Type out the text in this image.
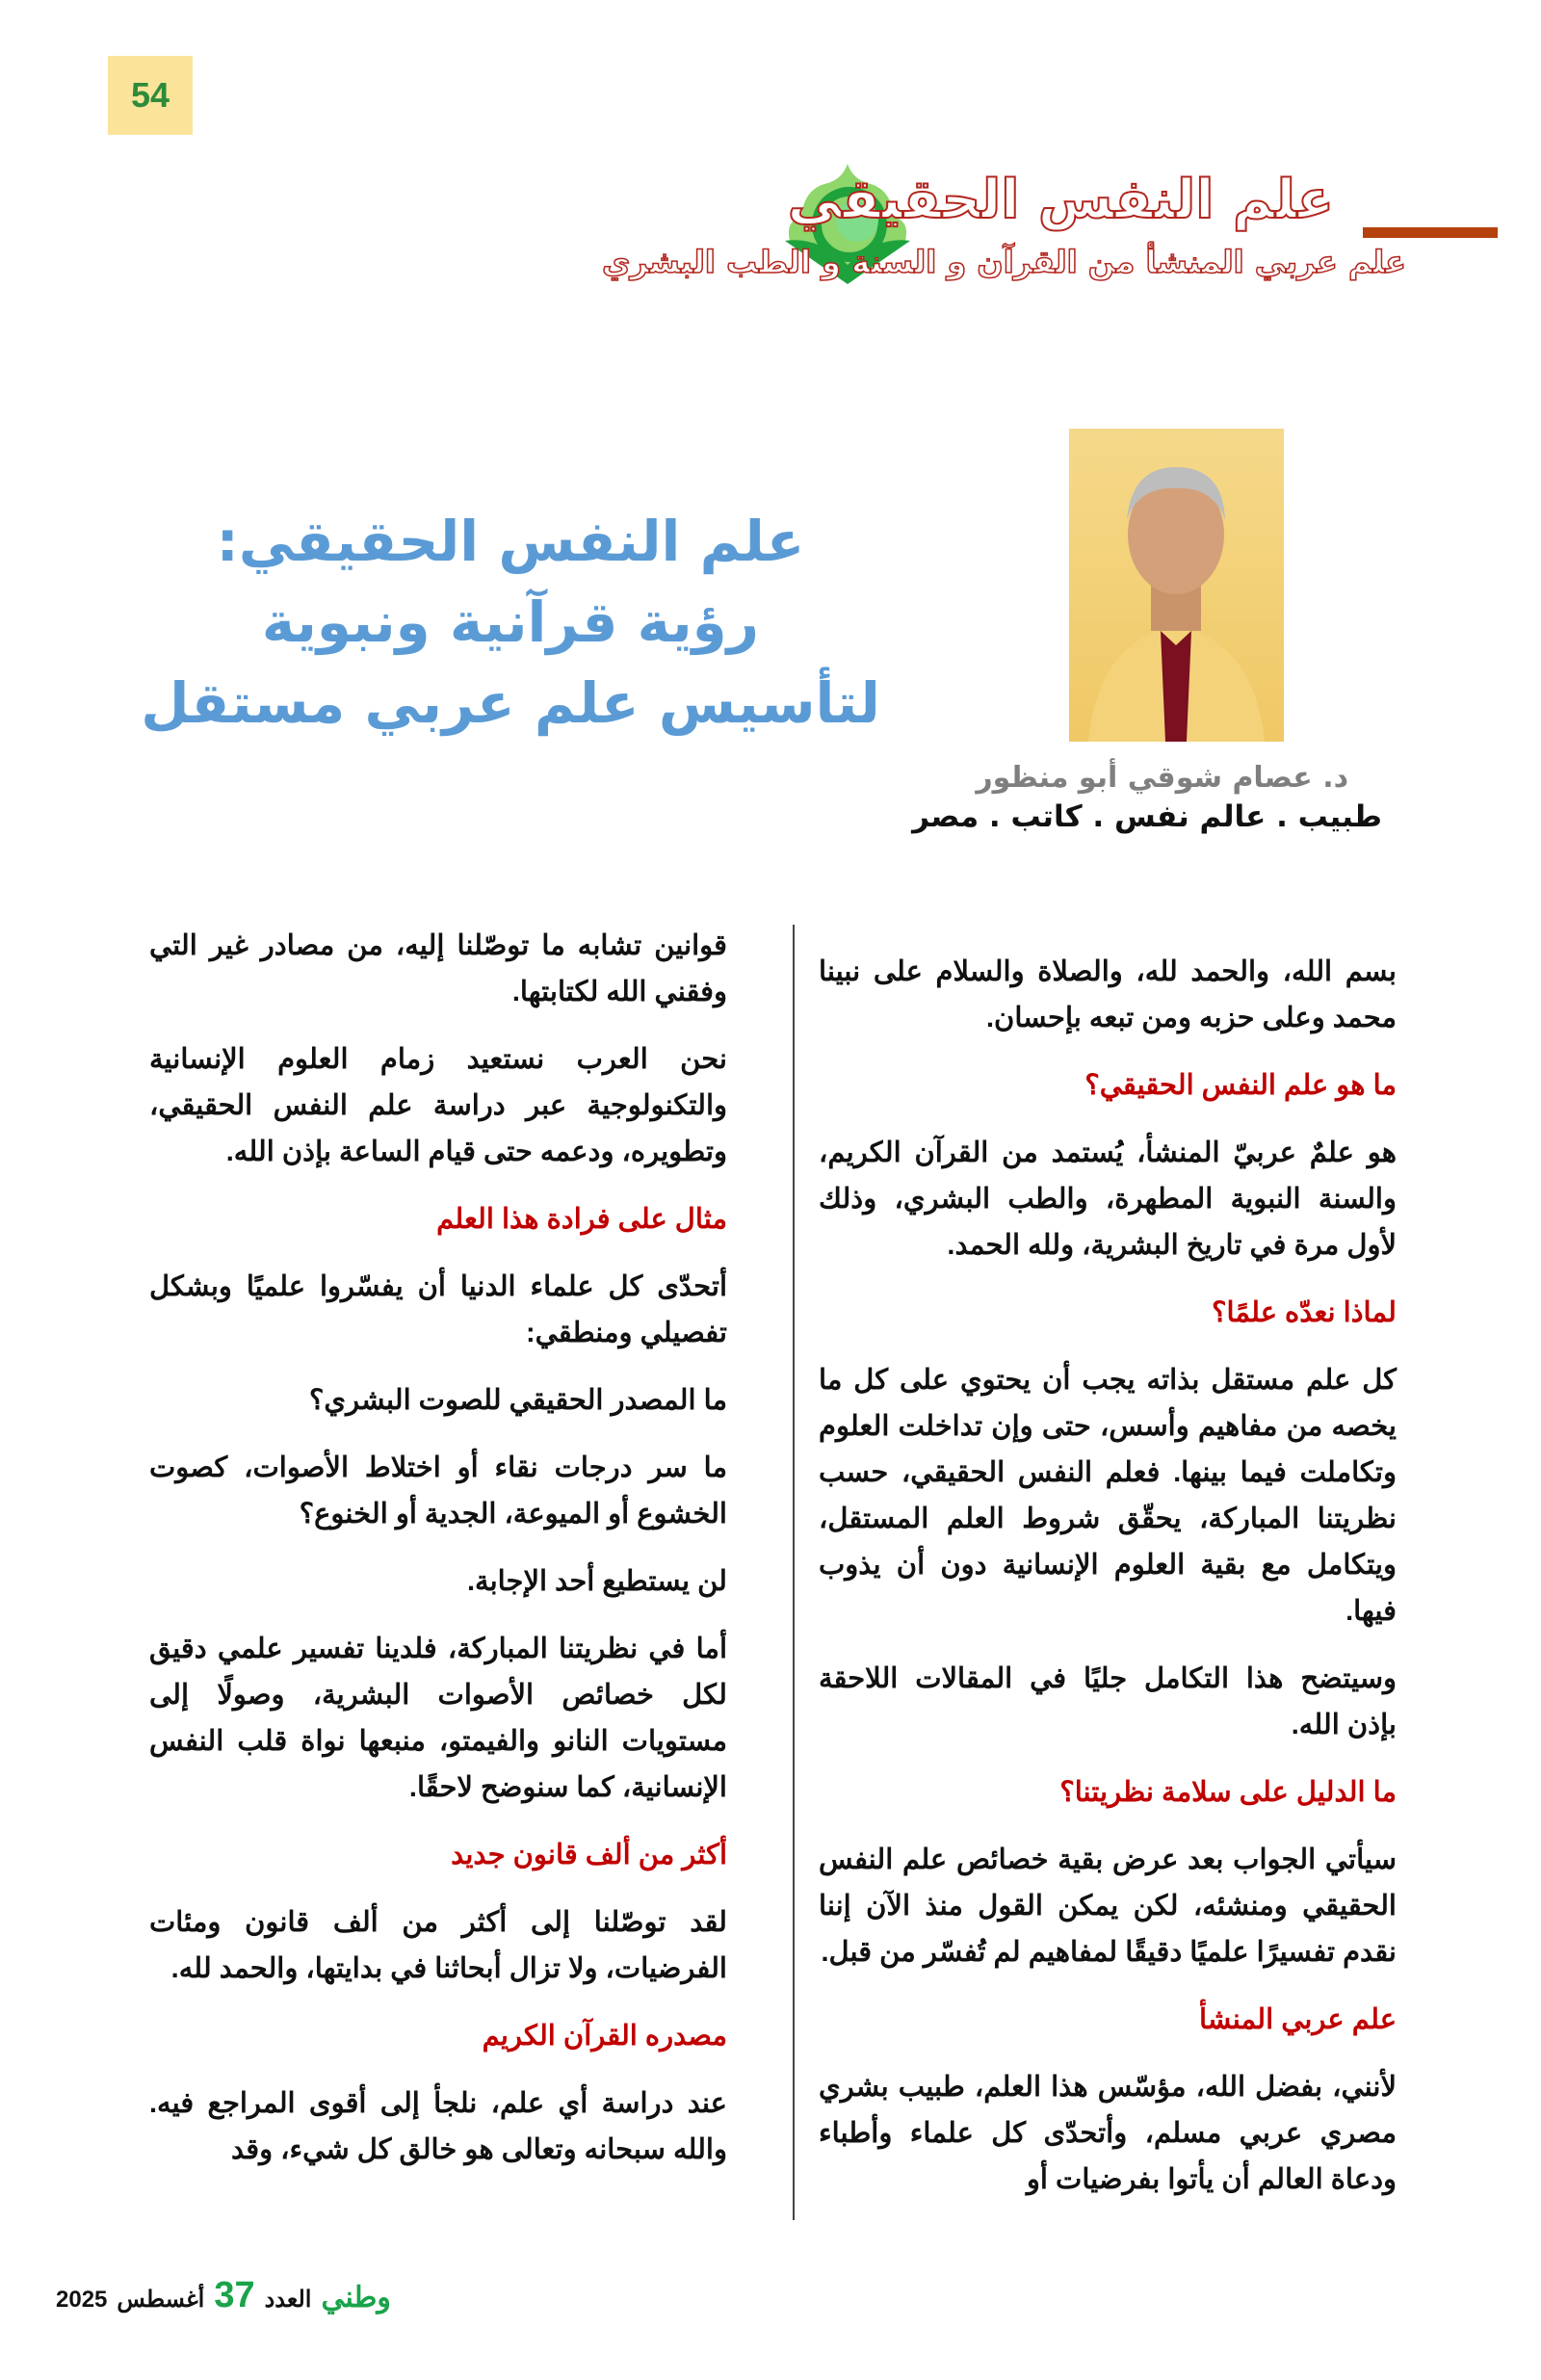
54
علم النفس الحقيقي
علم عربي المنشأ من القرآن و السنة و الطب البشري
علم النفس الحقيقي:
رؤية قرآنية ونبوية
لتأسيس علم عربي مستقل
د. عصام شوقي أبو منظور
طبيب . عالم نفس . كاتب . مصر

بسم الله، والحمد لله، والصلاة والسلام على نبينا محمد وعلى حزبه ومن تبعه بإحسان.

ما هو علم النفس الحقيقي؟

هو علمٌ عربيّ المنشأ، يُستمد من القرآن الكريم، والسنة النبوية المطهرة، والطب البشري، وذلك لأول مرة في تاريخ البشرية، ولله الحمد.

لماذا نعدّه علمًا؟

كل علم مستقل بذاته يجب أن يحتوي على كل ما يخصه من مفاهيم وأسس، حتى وإن تداخلت العلوم وتكاملت فيما بينها. فعلم النفس الحقيقي، حسب نظريتنا المباركة، يحقّق شروط العلم المستقل، ويتكامل مع بقية العلوم الإنسانية دون أن يذوب فيها.

وسيتضح هذا التكامل جليًا في المقالات اللاحقة بإذن الله.

ما الدليل على سلامة نظريتنا؟

سيأتي الجواب بعد عرض بقية خصائص علم النفس الحقيقي ومنشئه، لكن يمكن القول منذ الآن إننا نقدم تفسيرًا علميًا دقيقًا لمفاهيم لم تُفسّر من قبل.

علم عربي المنشأ

لأنني، بفضل الله، مؤسّس هذا العلم، طبيب بشري مصري عربي مسلم، وأتحدّى كل علماء وأطباء ودعاة العالم أن يأتوا بفرضيات أو

قوانين تشابه ما توصّلنا إليه، من مصادر غير التي وفقني الله لكتابتها.

نحن العرب نستعيد زمام العلوم الإنسانية والتكنولوجية عبر دراسة علم النفس الحقيقي، وتطويره، ودعمه حتى قيام الساعة بإذن الله.

مثال على فرادة هذا العلم

أتحدّى كل علماء الدنيا أن يفسّروا علميًا وبشكل تفصيلي ومنطقي:

ما المصدر الحقيقي للصوت البشري؟

ما سر درجات نقاء أو اختلاط الأصوات، كصوت الخشوع أو الميوعة، الجدية أو الخنوع؟

لن يستطيع أحد الإجابة.

أما في نظريتنا المباركة، فلدينا تفسير علمي دقيق لكل خصائص الأصوات البشرية، وصولًا إلى مستويات النانو والفيمتو، منبعها نواة قلب النفس الإنسانية، كما سنوضح لاحقًا.

أكثر من ألف قانون جديد

لقد توصّلنا إلى أكثر من ألف قانون ومئات الفرضيات، ولا تزال أبحاثنا في بدايتها، والحمد لله.

مصدره القرآن الكريم

عند دراسة أي علم، نلجأ إلى أقوى المراجع فيه. والله سبحانه وتعالى هو خالق كل شيء، وقد

وطني
العدد
37
أغسطس
2025
